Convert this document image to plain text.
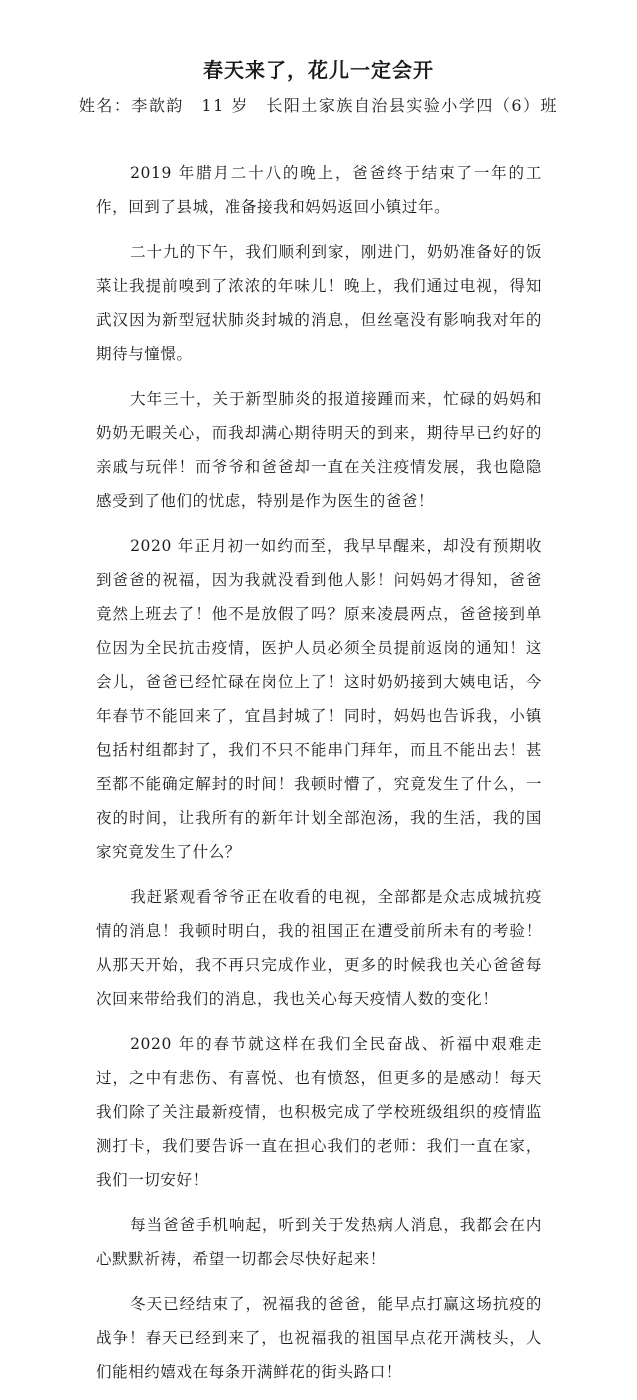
春天来了，花儿一定会开
姓名：李歆韵　11 岁　长阳土家族自治县实验小学四（6）班

2019 年腊月二十八的晚上，爸爸终于结束了一年的工作，回到了县城，准备接我和妈妈返回小镇过年。

二十九的下午，我们顺利到家，刚进门，奶奶准备好的饭菜让我提前嗅到了浓浓的年味儿！晚上，我们通过电视，得知武汉因为新型冠状肺炎封城的消息，但丝毫没有影响我对年的期待与憧憬。

大年三十，关于新型肺炎的报道接踵而来，忙碌的妈妈和奶奶无暇关心，而我却满心期待明天的到来，期待早已约好的亲戚与玩伴！而爷爷和爸爸却一直在关注疫情发展，我也隐隐感受到了他们的忧虑，特别是作为医生的爸爸！

2020 年正月初一如约而至，我早早醒来，却没有预期收到爸爸的祝福，因为我就没看到他人影！问妈妈才得知，爸爸竟然上班去了！他不是放假了吗？原来凌晨两点，爸爸接到单位因为全民抗击疫情，医护人员必须全员提前返岗的通知！这会儿，爸爸已经忙碌在岗位上了！这时奶奶接到大姨电话，今年春节不能回来了，宜昌封城了！同时，妈妈也告诉我，小镇包括村组都封了，我们不只不能串门拜年，而且不能出去！甚至都不能确定解封的时间！我顿时懵了，究竟发生了什么，一夜的时间，让我所有的新年计划全部泡汤，我的生活，我的国家究竟发生了什么？

我赶紧观看爷爷正在收看的电视，全部都是众志成城抗疫情的消息！我顿时明白，我的祖国正在遭受前所未有的考验！从那天开始，我不再只完成作业，更多的时候我也关心爸爸每次回来带给我们的消息，我也关心每天疫情人数的变化！

2020 年的春节就这样在我们全民奋战、祈福中艰难走过，之中有悲伤、有喜悦、也有愤怒，但更多的是感动！每天我们除了关注最新疫情，也积极完成了学校班级组织的疫情监测打卡，我们要告诉一直在担心我们的老师：我们一直在家，我们一切安好！

每当爸爸手机响起，听到关于发热病人消息，我都会在内心默默祈祷，希望一切都会尽快好起来！

冬天已经结束了，祝福我的爸爸，能早点打赢这场抗疫的战争！春天已经到来了，也祝福我的祖国早点花开满枝头，人们能相约嬉戏在每条开满鲜花的街头路口！
